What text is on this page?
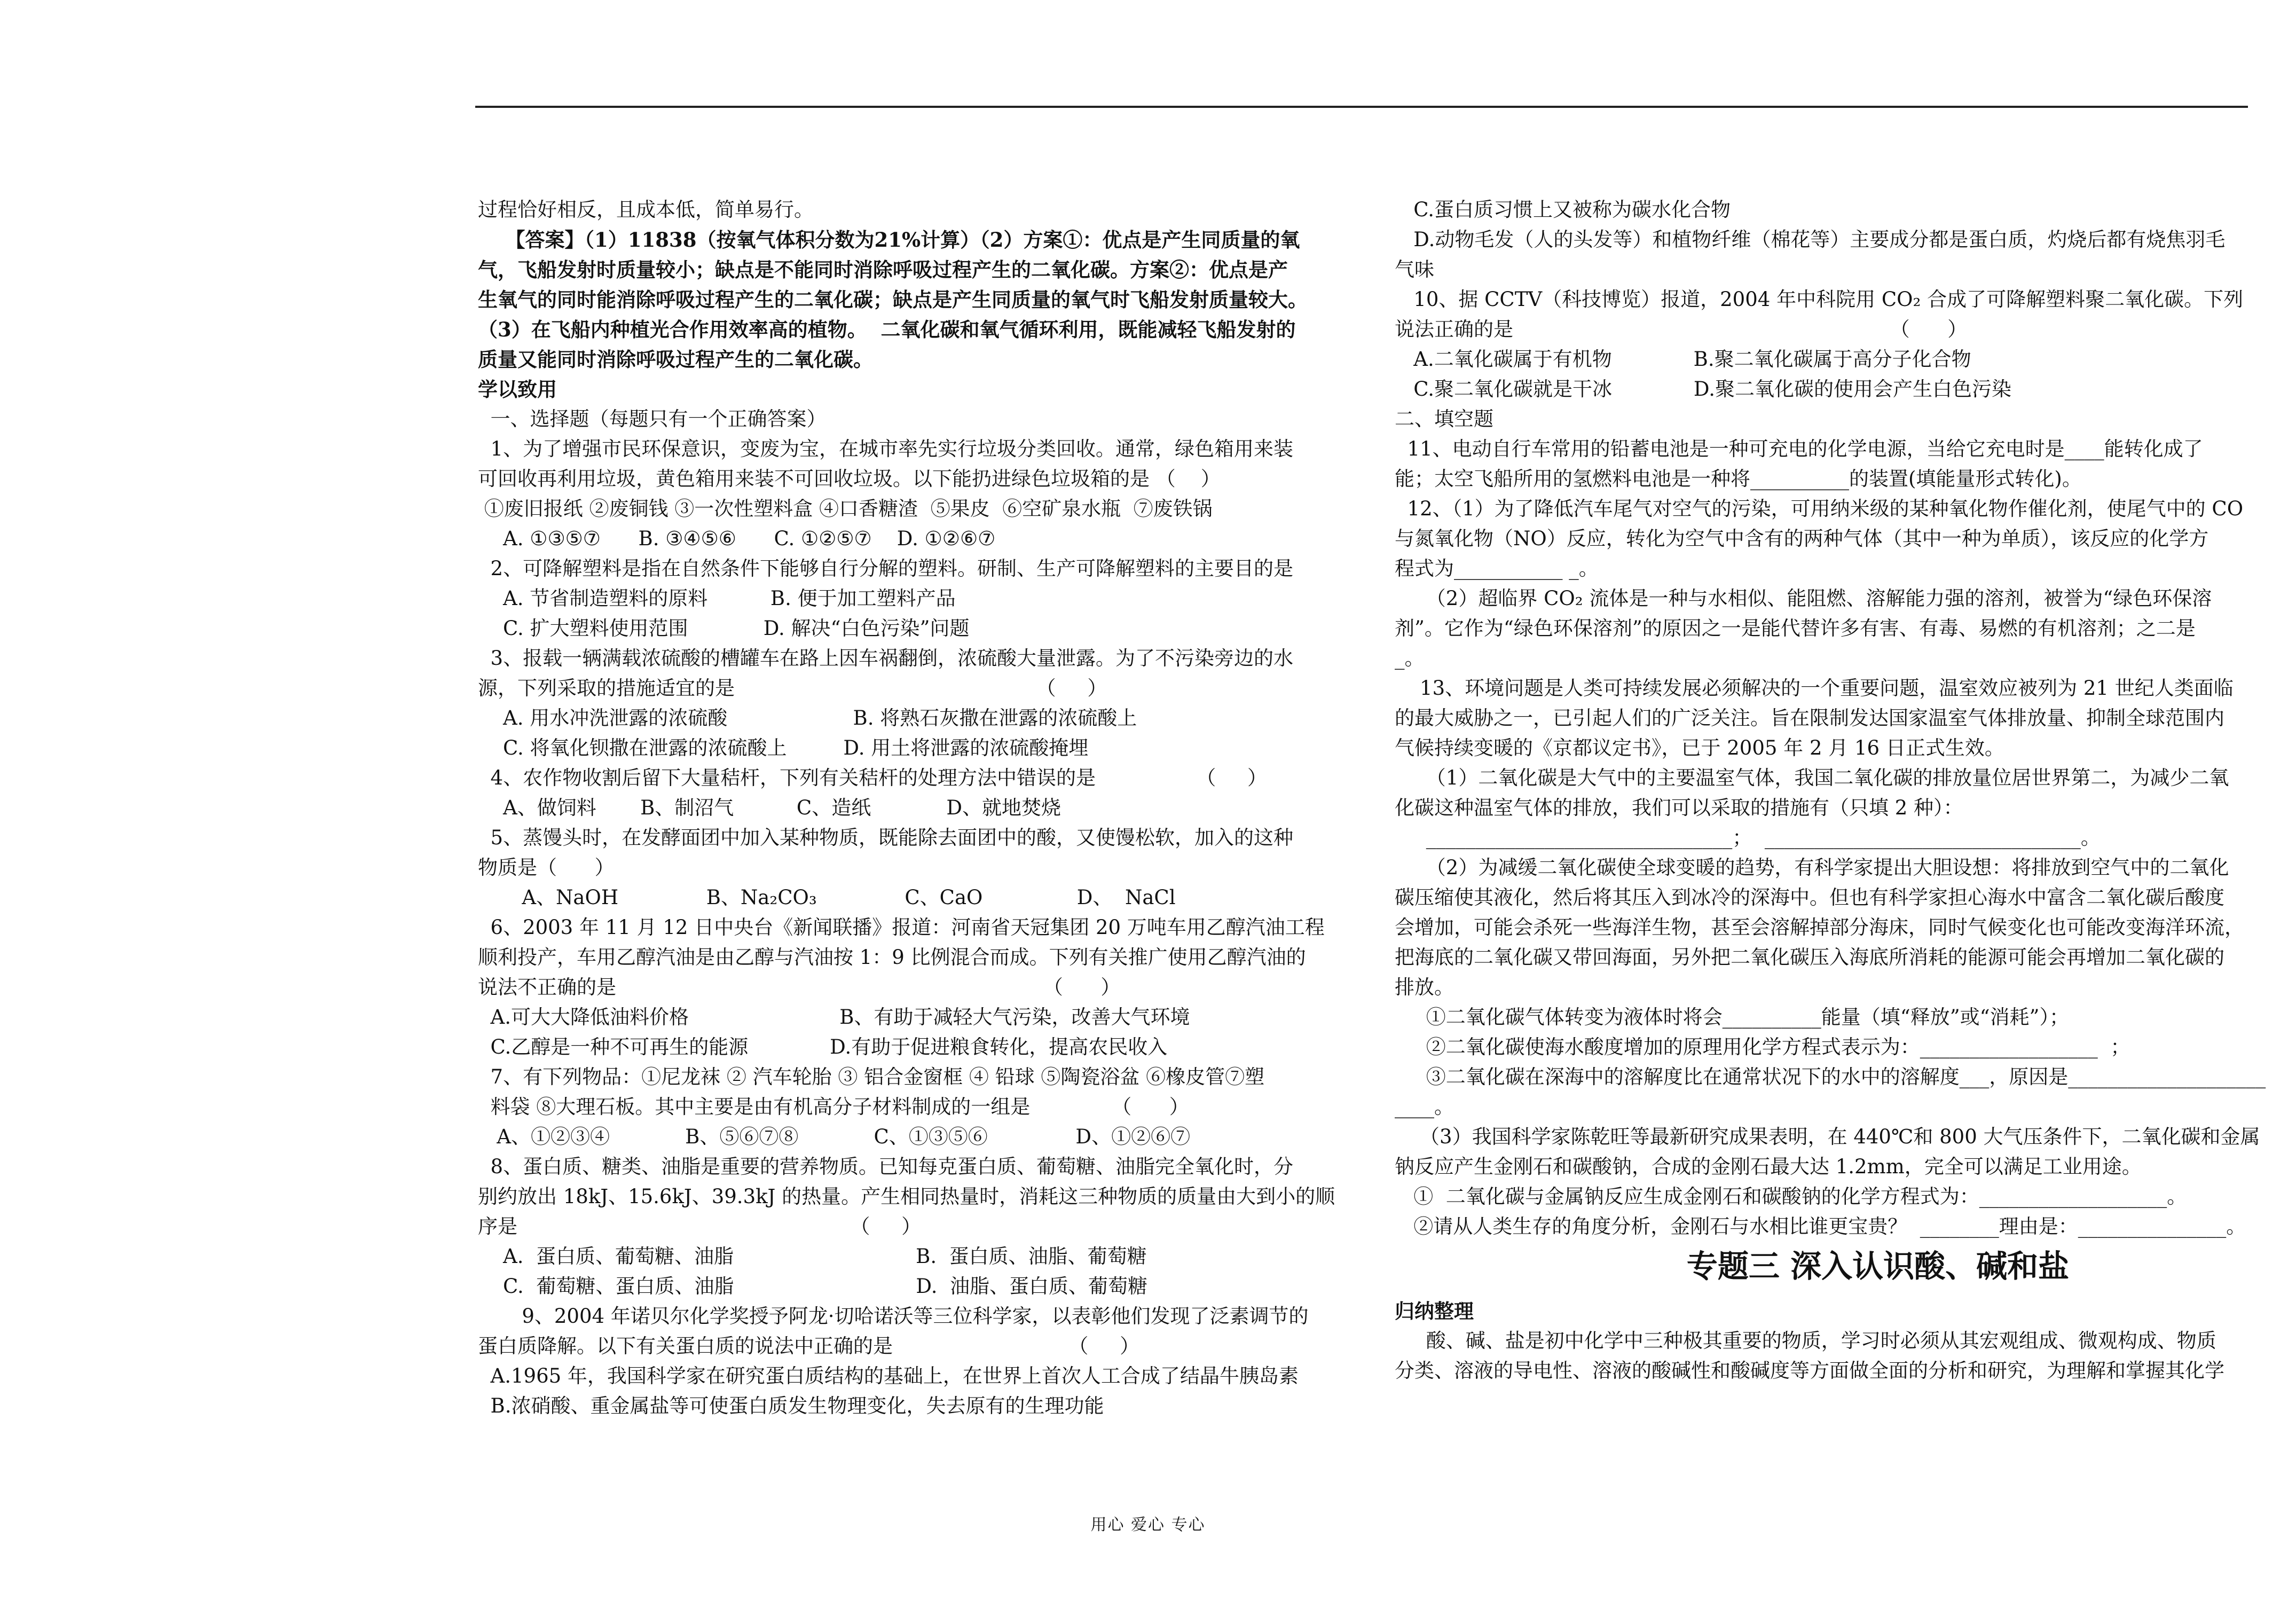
过程恰好相反，且成本低，简单易行。

【答案】（1）11838（按氧气体积分数为21%计算）（2）方案①：优点是产生同质量的氧

气，飞船发射时质量较小；缺点是不能同时消除呼吸过程产生的二氧化碳。方案②：优点是产

生氧气的同时能消除呼吸过程产生的二氧化碳；缺点是产生同质量的氧气时飞船发射质量较大。

（3）在飞船内种植光合作用效率高的植物。  二氧化碳和氧气循环利用，既能减轻飞船发射的

质量又能同时消除呼吸过程产生的二氧化碳。

学以致用

一、选择题（每题只有一个正确答案）

1、为了增强市民环保意识，变废为宝，在城市率先实行垃圾分类回收。通常，绿色箱用来装

可回收再利用垃圾，黄色箱用来装不可回收垃圾。以下能扔进绿色垃圾箱的是 （    ）

①废旧报纸 ②废铜钱 ③一次性塑料盒 ④口香糖渣  ⑤果皮  ⑥空矿泉水瓶  ⑦废铁锅

A. ①③⑤⑦      B. ③④⑤⑥      C. ①②⑤⑦    D. ①②⑥⑦

2、可降解塑料是指在自然条件下能够自行分解的塑料。研制、生产可降解塑料的主要目的是

A. 节省制造塑料的原料          B. 便于加工塑料产品

C. 扩大塑料使用范围            D. 解决“白色污染”问题

3、报载一辆满载浓硫酸的槽罐车在路上因车祸翻倒，浓硫酸大量泄露。为了不污染旁边的水

源，下列采取的措施适宜的是                                                （     ）

A. 用水冲洗泄露的浓硫酸                    B. 将熟石灰撒在泄露的浓硫酸上

C. 将氧化钡撒在泄露的浓硫酸上         D. 用土将泄露的浓硫酸掩埋

4、农作物收割后留下大量秸杆，下列有关秸杆的处理方法中错误的是                （     ）

A、做饲料       B、制沼气          C、造纸            D、就地焚烧

5、蒸馒头时，在发酵面团中加入某种物质，既能除去面团中的酸，又使馒松软，加入的这种

物质是（      ）

A、NaOH              B、Na₂CO₃              C、CaO               D、  NaCl

6、2003 年 11 月 12 日中央台《新闻联播》报道：河南省天冠集团 20 万吨车用乙醇汽油工程

顺利投产，车用乙醇汽油是由乙醇与汽油按 1：9 比例混合而成。下列有关推广使用乙醇汽油的

说法不正确的是                                                                    （      ）

A.可大大降低油料价格                        B、有助于减轻大气污染，改善大气环境

C.乙醇是一种不可再生的能源             D.有助于促进粮食转化，提高农民收入

7、有下列物品：①尼龙袜 ② 汽车轮胎 ③ 铝合金窗框 ④ 铅球 ⑤陶瓷浴盆 ⑥橡皮管⑦塑

料袋 ⑧大理石板。其中主要是由有机高分子材料制成的一组是             （      ）

A、①②③④            B、⑤⑥⑦⑧            C、①③⑤⑥              D、①②⑥⑦

8、蛋白质、糖类、油脂是重要的营养物质。已知每克蛋白质、葡萄糖、油脂完全氧化时，分

别约放出 18kJ、15.6kJ、39.3kJ 的热量。产生相同热量时，消耗这三种物质的质量由大到小的顺

序是                                                     （     ）

A.  蛋白质、葡萄糖、油脂                             B.  蛋白质、油脂、葡萄糖

C.  葡萄糖、蛋白质、油脂                             D.  油脂、蛋白质、葡萄糖

9、2004 年诺贝尔化学奖授予阿龙·切哈诺沃等三位科学家，以表彰他们发现了泛素调节的

蛋白质降解。以下有关蛋白质的说法中正确的是                            （     ）

A.1965 年，我国科学家在研究蛋白质结构的基础上，在世界上首次人工合成了结晶牛胰岛素

B.浓硝酸、重金属盐等可使蛋白质发生物理变化，失去原有的生理功能

C.蛋白质习惯上又被称为碳水化合物

D.动物毛发（人的头发等）和植物纤维（棉花等）主要成分都是蛋白质，灼烧后都有烧焦羽毛

气味

10、据 CCTV（科技博览）报道，2004 年中科院用 CO₂ 合成了可降解塑料聚二氧化碳。下列

说法正确的是                                                            （      ）

A.二氧化碳属于有机物             B.聚二氧化碳属于高分子化合物

C.聚二氧化碳就是干冰             D.聚二氧化碳的使用会产生白色污染

二、填空题

11、电动自行车常用的铅蓄电池是一种可充电的化学电源，当给它充电时是____能转化成了

能；太空飞船所用的氢燃料电池是一种将__________的装置(填能量形式转化)。

12、（1）为了降低汽车尾气对空气的污染，可用纳米级的某种氧化物作催化剂，使尾气中的 CO

与氮氧化物（NO）反应，转化为空气中含有的两种气体（其中一种为单质），该反应的化学方

程式为___________ _。

（2）超临界 CO₂ 流体是一种与水相似、能阻燃、溶解能力强的溶剂，被誉为“绿色环保溶

剂”。它作为“绿色环保溶剂”的原因之一是能代替许多有害、有毒、易燃的有机溶剂；之二是

_。

13、环境问题是人类可持续发展必须解决的一个重要问题，温室效应被列为 21 世纪人类面临

的最大威胁之一，已引起人们的广泛关注。旨在限制发达国家温室气体排放量、抑制全球范围内

气候持续变暖的《京都议定书》，已于 2005 年 2 月 16 日正式生效。

（1）二氧化碳是大气中的主要温室气体，我国二氧化碳的排放量位居世界第二，为减少二氧

化碳这种温室气体的排放，我们可以采取的措施有（只填 2 种）：

_______________________________；  ________________________________。

（2）为减缓二氧化碳使全球变暖的趋势，有科学家提出大胆设想：将排放到空气中的二氧化

碳压缩使其液化，然后将其压入到冰冷的深海中。但也有科学家担心海水中富含二氧化碳后酸度

会增加，可能会杀死一些海洋生物，甚至会溶解掉部分海床，同时气候变化也可能改变海洋环流，

把海底的二氧化碳又带回海面，另外把二氧化碳压入海底所消耗的能源可能会再增加二氧化碳的

排放。

①二氧化碳气体转变为液体时将会__________能量（填“释放”或“消耗”）；

②二氧化碳使海水酸度增加的原理用化学方程式表示为：__________________  ；

③二氧化碳在深海中的溶解度比在通常状况下的水中的溶解度___，原因是____________________

____。

（3）我国科学家陈乾旺等最新研究成果表明，在 440℃和 800 大气压条件下，二氧化碳和金属

钠反应产生金刚石和碳酸钠，合成的金刚石最大达 1.2mm，完全可以满足工业用途。

①  二氧化碳与金属钠反应生成金刚石和碳酸钠的化学方程式为：___________________。

②请从人类生存的角度分析，金刚石与水相比谁更宝贵？  ________理由是：_______________。

专题三 深入认识酸、碱和盐

归纳整理

酸、碱、盐是初中化学中三种极其重要的物质，学习时必须从其宏观组成、微观构成、物质

分类、溶液的导电性、溶液的酸碱性和酸碱度等方面做全面的分析和研究，为理解和掌握其化学

用心 爱心 专心
